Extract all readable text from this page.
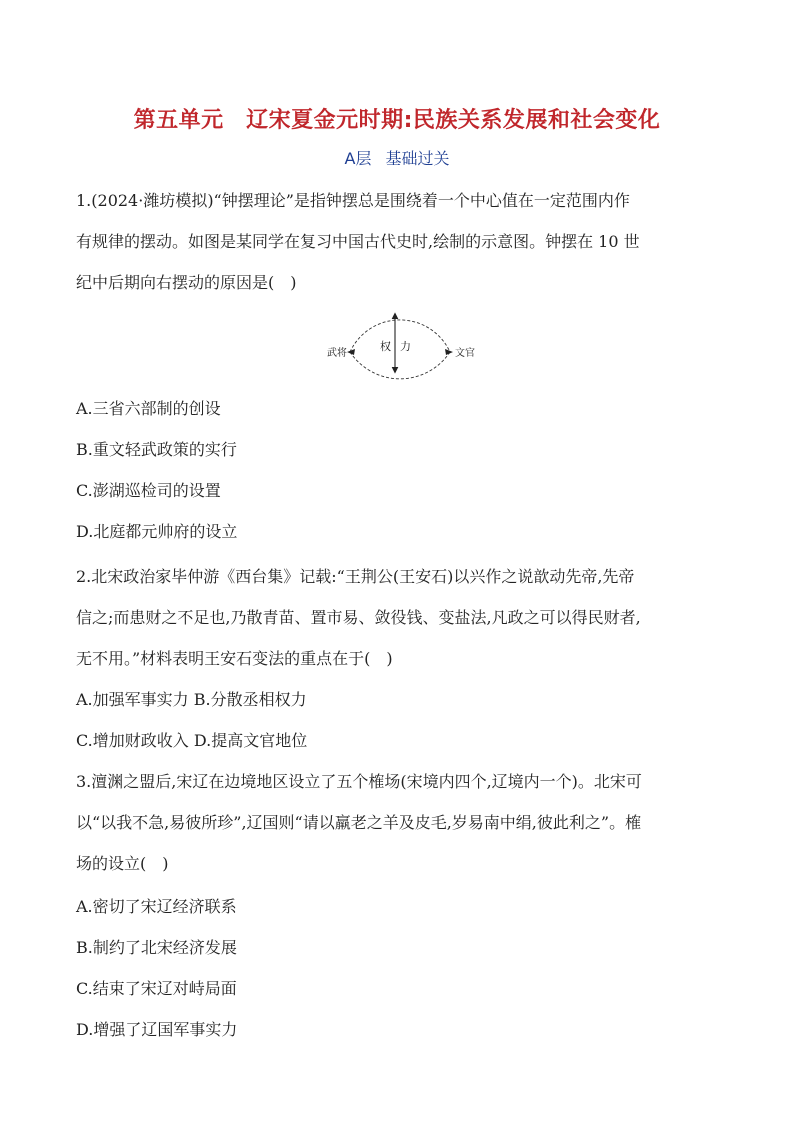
第五单元　辽宋夏金元时期:民族关系发展和社会变化
A层 基础过关
1.(2024·潍坊模拟)“钟摆理论”是指钟摆总是围绕着一个中心值在一定范围内作
有规律的摆动。如图是某同学在复习中国古代史时,绘制的示意图。钟摆在 10 世
纪中后期向右摆动的原因是(　)
武将	文官
权 力
A.三省六部制的创设
B.重文轻武政策的实行
C.澎湖巡检司的设置
D.北庭都元帅府的设立
2.北宋政治家毕仲游《西台集》记载:“王荆公(王安石)以兴作之说歆动先帝,先帝
信之;而患财之不足也,乃散青苗、置市易、敛役钱、变盐法,凡政之可以得民财者,
无不用。”材料表明王安石变法的重点在于(　)
A.加强军事实力 B.分散丞相权力
C.增加财政收入 D.提高文官地位
3.澶渊之盟后,宋辽在边境地区设立了五个榷场(宋境内四个,辽境内一个)。北宋可
以“以我不急,易彼所珍”,辽国则“请以羸老之羊及皮毛,岁易南中绢,彼此利之”。榷
场的设立(　)
A.密切了宋辽经济联系
B.制约了北宋经济发展
C.结束了宋辽对峙局面
D.增强了辽国军事实力
